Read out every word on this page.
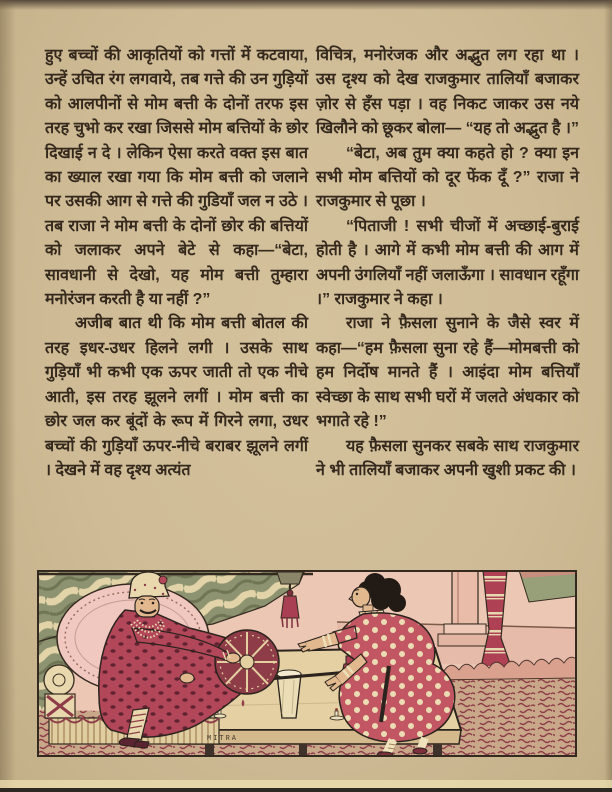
हुए बच्चों की आकृतियों को गत्तों में कटवाया, उन्हें उचित रंग लगवाये, तब गत्ते की उन गुड़ियों को आलपीनों से मोम बत्ती के दोनों तरफ इस तरह चुभो कर रखा जिससे मोम बत्तियों के छोर दिखाई न दे । लेकिन ऐसा करते वक्त इस बात का ख्याल रखा गया कि मोम बत्ती को जलाने पर उसकी आग से गत्ते की गुडियाँ जल न उठे । तब राजा ने मोम बत्ती के दोनों छोर की बत्तियों को जलाकर अपने बेटे से कहा—“बेटा, सावधानी से देखो, यह मोम बत्ती तुम्हारा मनोरंजन करती है या नहीं ?”

अजीब बात थी कि मोम बत्ती बोतल की तरह इधर-उधर हिलने लगी । उसके साथ गुड़ियाँ भी कभी एक ऊपर जाती तो एक नीचे आती, इस तरह झूलने लगीं । मोम बत्ती का छोर जल कर बूंदों के रूप में गिरने लगा, उधर बच्चों की गुड़ियाँ ऊपर-नीचे बराबर झूलने लगीं । देखने में वह दृश्य अत्यंत

विचित्र, मनोरंजक और अद्भुत लग रहा था । उस दृश्य को देख राजकुमार तालियाँ बजाकर ज़ोर से हँस पड़ा । वह निकट जाकर उस नये खिलौने को छूकर बोला— “यह तो अद्भुत है ।”

“बेटा, अब तुम क्या कहते हो ? क्या इन सभी मोम बत्तियों को दूर फेंक दूँ ?” राजा ने राजकुमार से पूछा ।

“पिताजी ! सभी चीजों में अच्छाई-बुराई होती है । आगे में कभी मोम बत्ती की आग में अपनी उंगलियाँ नहीं जलाऊँगा । सावधान रहूँगा ।” राजकुमार ने कहा ।

राजा ने फ़ैसला सुनाने के जैसे स्वर में कहा—“हम फ़ैसला सुना रहे हैं—मोमबत्ती को हम निर्दोष मानते हैं । आइंदा मोम बत्तियाँ स्वेच्छा के साथ सभी घरों में जलते अंधकार को भगाते रहे !”

यह फ़ैसला सुनकर सबके साथ राजकुमार ने भी तालियाँ बजाकर अपनी खुशी प्रकट की ।

MITRA
